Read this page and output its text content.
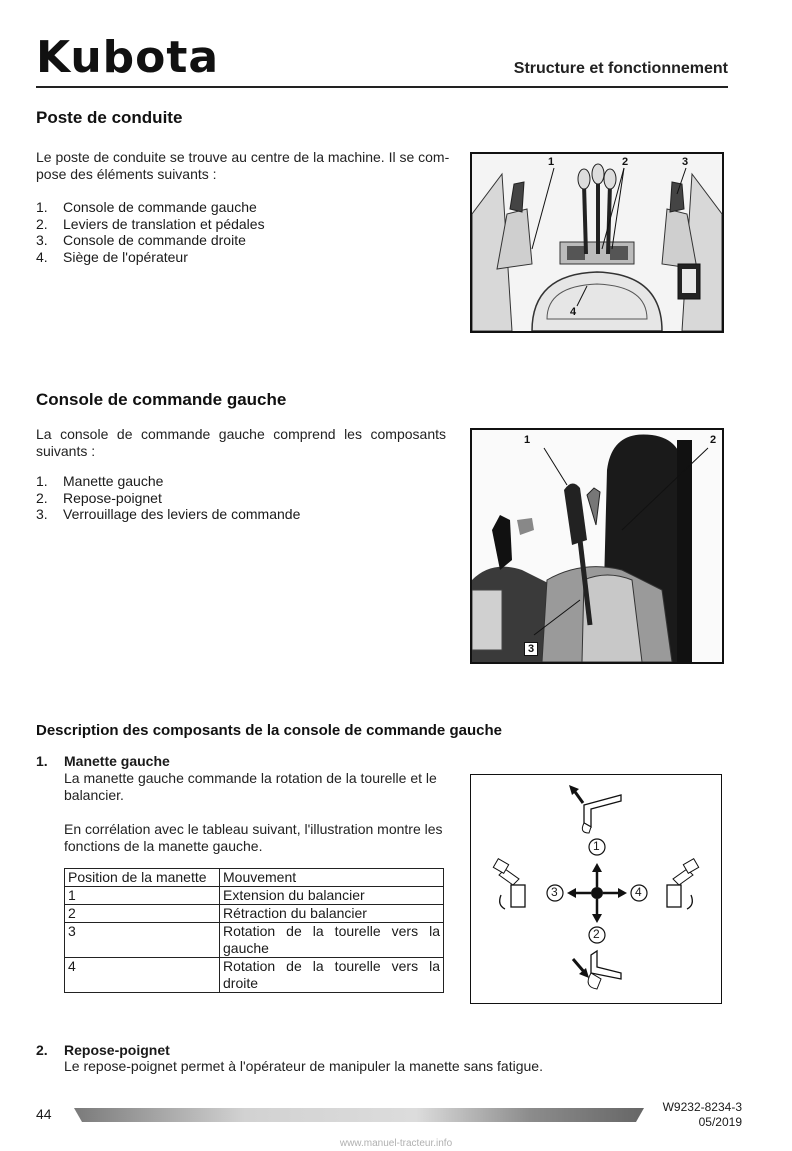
Kubota	Structure et fonctionnement
Poste de conduite

Le poste de conduite se trouve au centre de la machine. Il se com-

pose des éléments suivants :

1. Console de commande gauche
2. Leviers de translation et pédales
3. Console de commande droite
4. Siège de l'opérateur
1	2	3
4
Console de commande gauche

La console de commande gauche comprend les composants

suivants :

1. Manette gauche
2. Repose-poignet
3. Verrouillage des leviers de commande
1	2
3
Description des composants de la console de commande gauche
1. Manette gauche

La manette gauche commande la rotation de la tourelle et le

balancier.

En corrélation avec le tableau suivant, l'illustration montre les

fonctions de la manette gauche.

Position de la manette	Mouvement
1	Extension du balancier
2	Rétraction du balancier
3	Rotation de la tourelle vers la gauche
4	Rotation de la tourelle vers la droite
1
2
3	4
2. Repose-poignet

Le repose-poignet permet à l'opérateur de manipuler la manette sans fatigue.

44	W9232-8234-3
05/2019
www.manuel-tracteur.info
